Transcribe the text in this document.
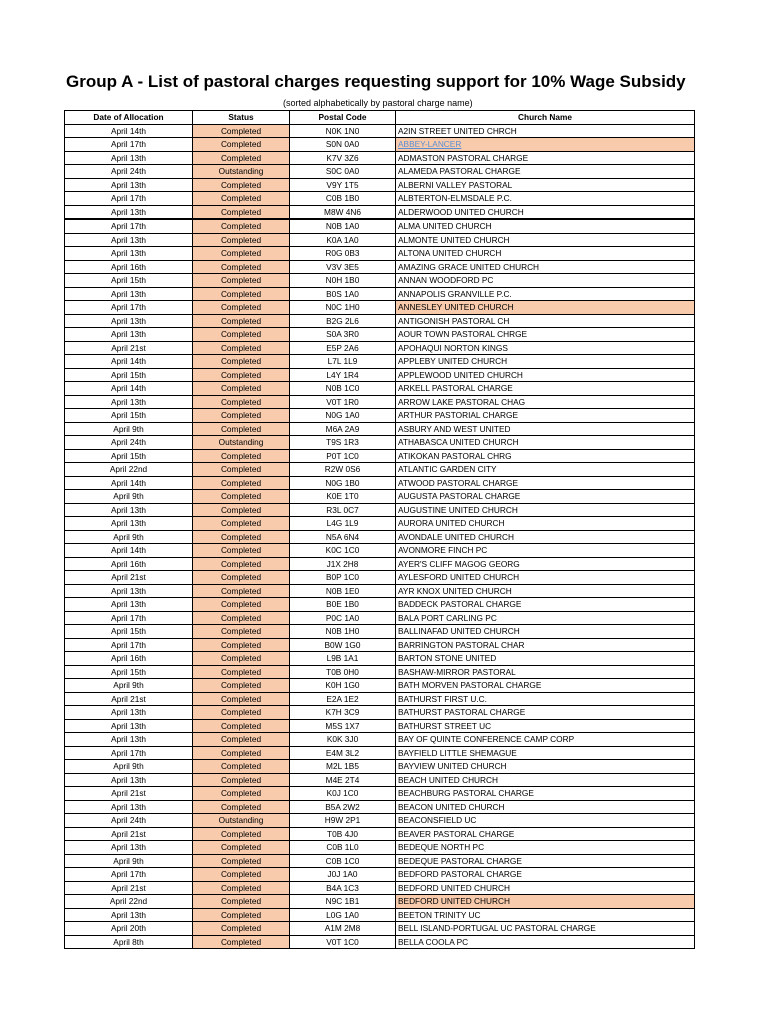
Group A - List of pastoral charges requesting support for 10% Wage Subsidy
(sorted alphabetically by pastoral charge name)
Date of Allocation	Status	Postal Code	Church Name
April 14th	Completed	N0K 1N0	A2IN STREET UNITED CHRCH
April 17th	Completed	S0N 0A0	ABBEY-LANCER
April 13th	Completed	K7V 3Z6	ADMASTON PASTORAL CHARGE
April 24th	Outstanding	S0C 0A0	ALAMEDA PASTORAL CHARGE
April 13th	Completed	V9Y 1T5	ALBERNI VALLEY PASTORAL
April 17th	Completed	C0B 1B0	ALBTERTON-ELMSDALE P.C.
April 13th	Completed	M8W 4N6	ALDERWOOD UNITED CHURCH
April 17th	Completed	N0B 1A0	ALMA UNITED CHURCH
April 13th	Completed	K0A 1A0	ALMONTE UNITED CHURCH
April 13th	Completed	R0G 0B3	ALTONA UNITED CHURCH
April 16th	Completed	V3V 3E5	AMAZING GRACE UNITED CHURCH
April 15th	Completed	N0H 1B0	ANNAN WOODFORD PC
April 13th	Completed	B0S 1A0	ANNAPOLIS GRANVILLE P.C.
April 17th	Completed	N0C 1H0	ANNESLEY UNITED CHURCH
April 13th	Completed	B2G 2L6	ANTIGONISH PASTORAL CH
April 13th	Completed	S0A 3R0	AOUR TOWN PASTORAL CHRGE
April 21st	Completed	E5P 2A6	APOHAQUI NORTON KINGS
April 14th	Completed	L7L 1L9	APPLEBY UNITED CHURCH
April 15th	Completed	L4Y 1R4	APPLEWOOD UNITED CHURCH
April 14th	Completed	N0B 1C0	ARKELL PASTORAL CHARGE
April 13th	Completed	V0T 1R0	ARROW LAKE PASTORAL CHAG
April 15th	Completed	N0G 1A0	ARTHUR PASTORIAL CHARGE
April 9th	Completed	M6A 2A9	ASBURY AND WEST UNITED
April 24th	Outstanding	T9S 1R3	ATHABASCA UNITED CHURCH
April 15th	Completed	P0T 1C0	ATIKOKAN PASTORAL CHRG
April 22nd	Completed	R2W 0S6	ATLANTIC GARDEN CITY
April 14th	Completed	N0G 1B0	ATWOOD PASTORAL CHARGE
April 9th	Completed	K0E 1T0	AUGUSTA PASTORAL CHARGE
April 13th	Completed	R3L 0C7	AUGUSTINE UNITED CHURCH
April 13th	Completed	L4G 1L9	AURORA UNITED CHURCH
April 9th	Completed	N5A 6N4	AVONDALE UNITED CHURCH
April 14th	Completed	K0C 1C0	AVONMORE FINCH PC
April 16th	Completed	J1X 2H8	AYER'S CLIFF MAGOG GEORG
April 21st	Completed	B0P 1C0	AYLESFORD UNITED CHURCH
April 13th	Completed	N0B 1E0	AYR KNOX UNITED CHURCH
April 13th	Completed	B0E 1B0	BADDECK PASTORAL CHARGE
April 17th	Completed	P0C 1A0	BALA PORT CARLING PC
April 15th	Completed	N0B 1H0	BALLINAFAD UNITED CHURCH
April 17th	Completed	B0W 1G0	BARRINGTON PASTORAL CHAR
April 16th	Completed	L9B 1A1	BARTON STONE UNITED
April 15th	Completed	T0B 0H0	BASHAW-MIRROR PASTORAL
April 9th	Completed	K0H 1G0	BATH MORVEN PASTORAL CHARGE
April 21st	Completed	E2A 1E2	BATHURST FIRST U.C.
April 13th	Completed	K7H 3C9	BATHURST PASTORAL CHARGE
April 13th	Completed	M5S 1X7	BATHURST STREET UC
April 13th	Completed	K0K 3J0	BAY OF QUINTE CONFERENCE CAMP CORP
April 17th	Completed	E4M 3L2	BAYFIELD LITTLE SHEMAGUE
April 9th	Completed	M2L 1B5	BAYVIEW UNITED CHURCH
April 13th	Completed	M4E 2T4	BEACH UNITED CHURCH
April 21st	Completed	K0J 1C0	BEACHBURG PASTORAL CHARGE
April 13th	Completed	B5A 2W2	BEACON UNITED CHURCH
April 24th	Outstanding	H9W 2P1	BEACONSFIELD UC
April 21st	Completed	T0B 4J0	BEAVER PASTORAL CHARGE
April 13th	Completed	C0B 1L0	BEDEQUE NORTH PC
April 9th	Completed	C0B 1C0	BEDEQUE PASTORAL CHARGE
April 17th	Completed	J0J 1A0	BEDFORD PASTORAL CHARGE
April 21st	Completed	B4A 1C3	BEDFORD UNITED CHURCH
April 22nd	Completed	N9C 1B1	BEDFORD UNITED CHURCH
April 13th	Completed	L0G 1A0	BEETON TRINITY UC
April 20th	Completed	A1M 2M8	BELL ISLAND-PORTUGAL UC PASTORAL CHARGE
April 8th	Completed	V0T 1C0	BELLA COOLA PC
